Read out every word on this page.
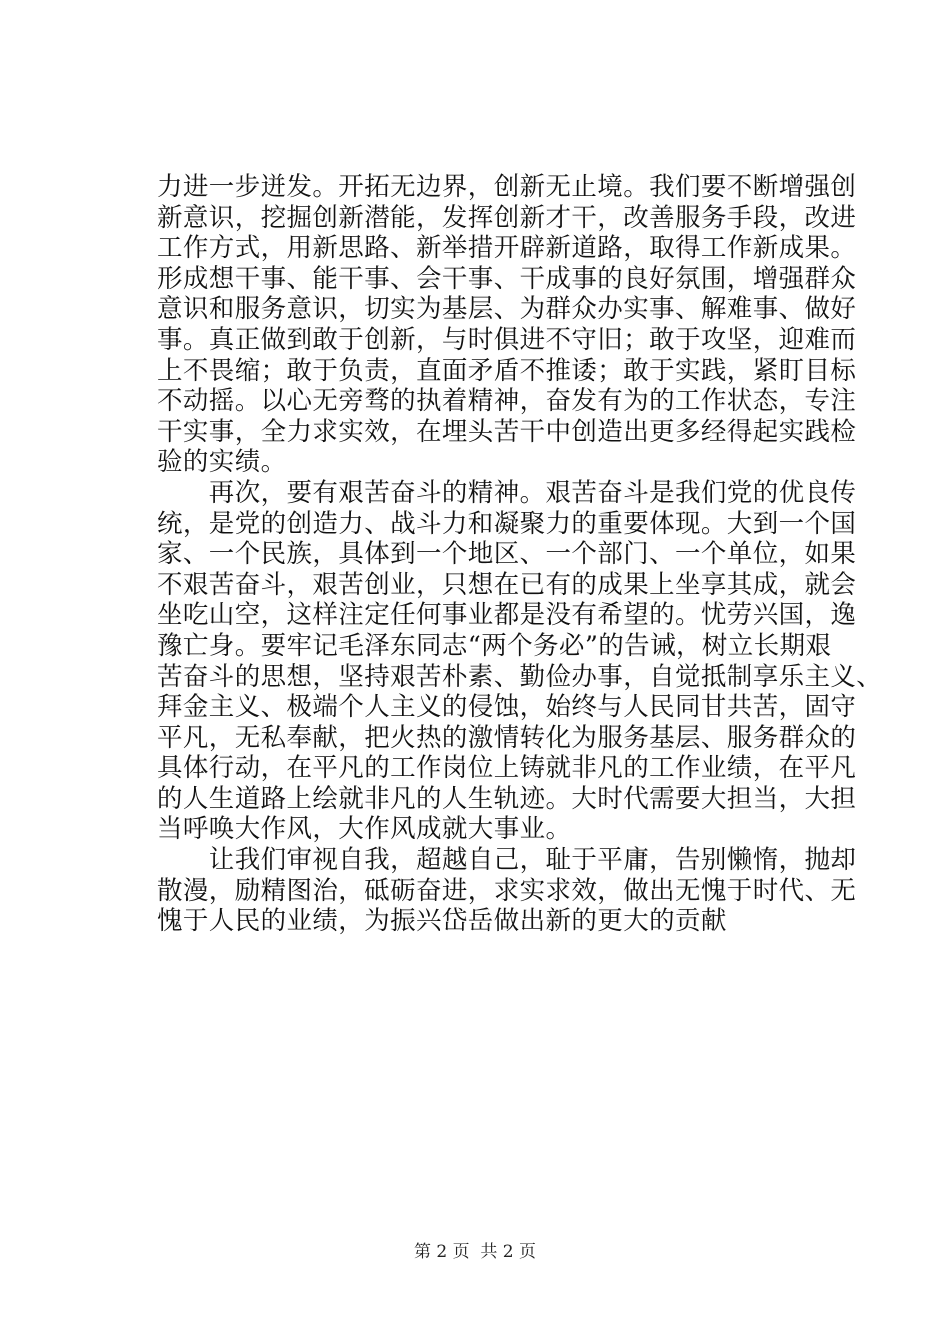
力进一步迸发。开拓无边界，创新无止境。我们要不断增强创
新意识，挖掘创新潜能，发挥创新才干，改善服务手段，改进
工作方式，用新思路、新举措开辟新道路，取得工作新成果。
形成想干事、能干事、会干事、干成事的良好氛围，增强群众
意识和服务意识，切实为基层、为群众办实事、解难事、做好
事。真正做到敢于创新，与时俱进不守旧；敢于攻坚，迎难而
上不畏缩；敢于负责，直面矛盾不推诿；敢于实践，紧盯目标
不动摇。以心无旁骛的执着精神，奋发有为的工作状态，专注
干实事，全力求实效，在埋头苦干中创造出更多经得起实践检
验的实绩。
　　再次，要有艰苦奋斗的精神。艰苦奋斗是我们党的优良传
统，是党的创造力、战斗力和凝聚力的重要体现。大到一个国
家、一个民族，具体到一个地区、一个部门、一个单位，如果
不艰苦奋斗，艰苦创业，只想在已有的成果上坐享其成，就会
坐吃山空，这样注定任何事业都是没有希望的。忧劳兴国，逸
豫亡身。要牢记毛泽东同志“两个务必”的告诫，树立长期艰
苦奋斗的思想，坚持艰苦朴素、勤俭办事，自觉抵制享乐主义、
拜金主义、极端个人主义的侵蚀，始终与人民同甘共苦，固守
平凡，无私奉献，把火热的激情转化为服务基层、服务群众的
具体行动，在平凡的工作岗位上铸就非凡的工作业绩，在平凡
的人生道路上绘就非凡的人生轨迹。大时代需要大担当，大担
当呼唤大作风，大作风成就大事业。
　　让我们审视自我，超越自己，耻于平庸，告别懒惰，抛却
散漫，励精图治，砥砺奋进，求实求效，做出无愧于时代、无
愧于人民的业绩，为振兴岱岳做出新的更大的贡献
第 2 页  共 2 页
